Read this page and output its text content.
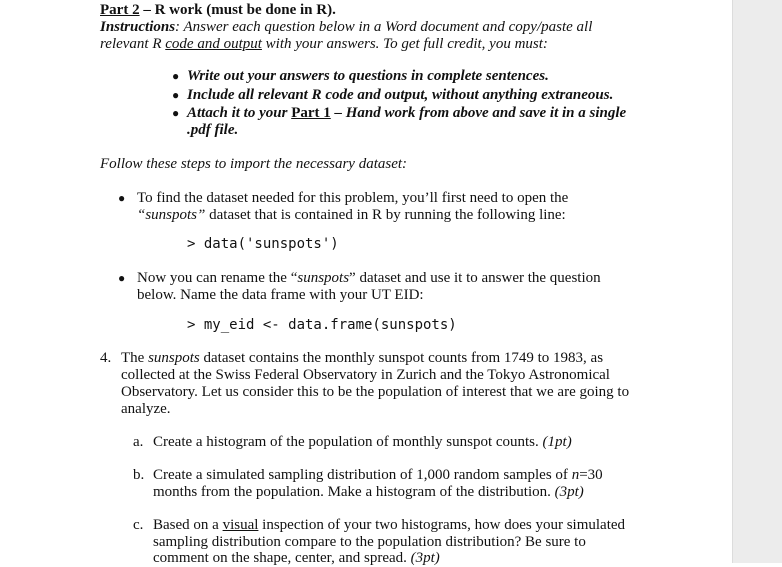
Part 2 – R work (must be done in R).
Instructions: Answer each question below in a Word document and copy/paste all
relevant R code and output with your answers. To get full credit, you must:
● Write out your answers to questions in complete sentences.
● Include all relevant R code and output, without anything extraneous.
● Attach it to your Part 1 – Hand work from above and save it in a single
.pdf file.
Follow these steps to import the necessary dataset:
● To find the dataset needed for this problem, you’ll first need to open the
“sunspots” dataset that is contained in R by running the following line:
> data('sunspots')
● Now you can rename the “sunspots” dataset and use it to answer the question
below. Name the data frame with your UT EID:
> my_eid <- data.frame(sunspots)
4. The sunspots dataset contains the monthly sunspot counts from 1749 to 1983, as
collected at the Swiss Federal Observatory in Zurich and the Tokyo Astronomical
Observatory. Let us consider this to be the population of interest that we are going to
analyze.
a. Create a histogram of the population of monthly sunspot counts. (1pt)
b. Create a simulated sampling distribution of 1,000 random samples of n=30
months from the population. Make a histogram of the distribution. (3pt)
c. Based on a visual inspection of your two histograms, how does your simulated
sampling distribution compare to the population distribution? Be sure to
comment on the shape, center, and spread. (3pt)
